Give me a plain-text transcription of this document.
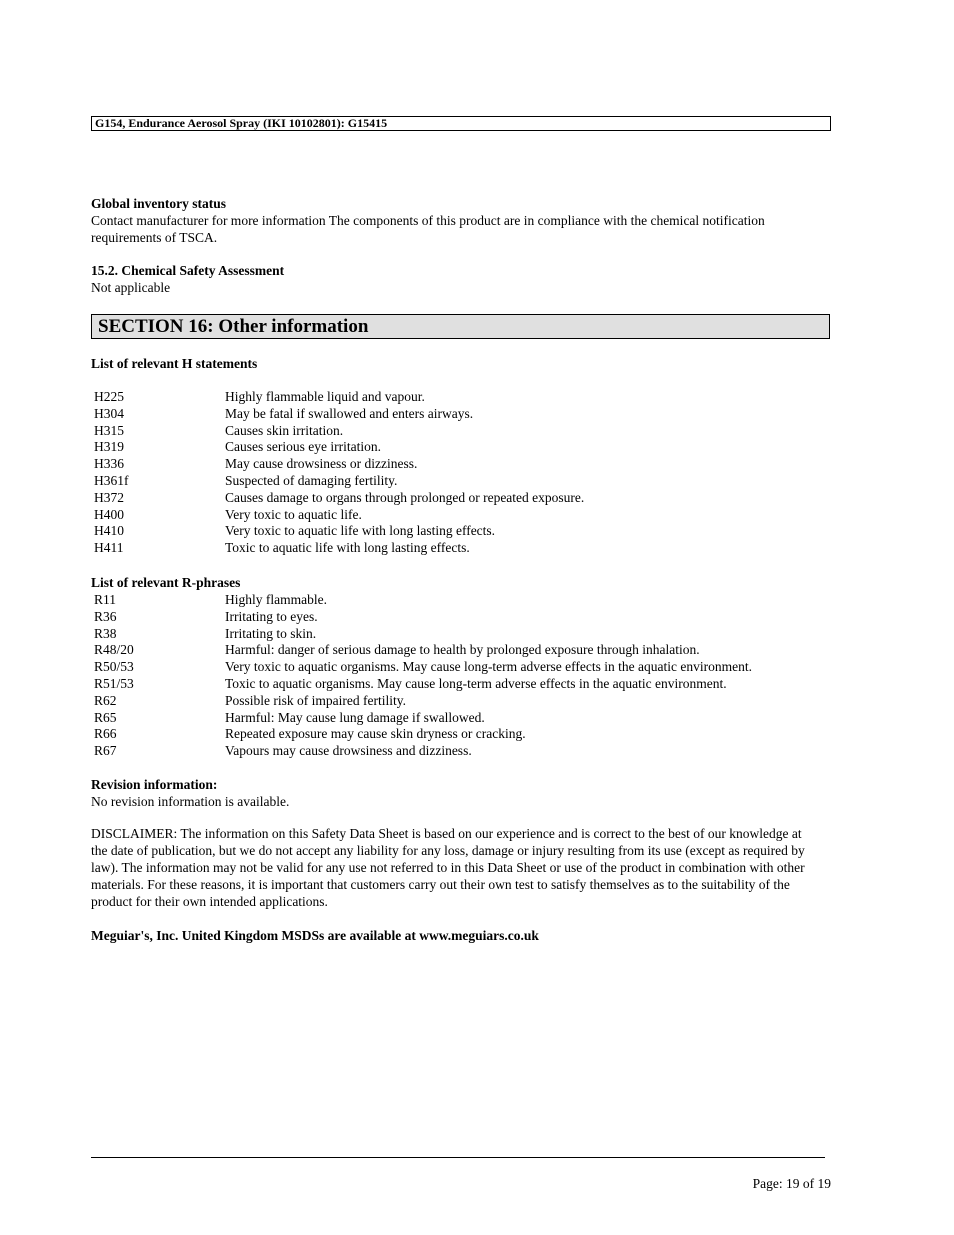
G154, Endurance Aerosol Spray (IKI 10102801): G15415
Global inventory status
Contact manufacturer for more information The components of this product are in compliance with the chemical notification requirements of TSCA.
15.2. Chemical Safety Assessment
Not applicable
SECTION 16: Other information
List of relevant H statements
H225	Highly flammable liquid and vapour.
H304	May be fatal if swallowed and enters airways.
H315	Causes skin irritation.
H319	Causes serious eye irritation.
H336	May cause drowsiness or dizziness.
H361f	Suspected of damaging fertility.
H372	Causes damage to organs through prolonged or repeated exposure.
H400	Very toxic to aquatic life.
H410	Very toxic to aquatic life with long lasting effects.
H411	Toxic to aquatic life with long lasting effects.
List of relevant R-phrases
R11	Highly flammable.
R36	Irritating to eyes.
R38	Irritating to skin.
R48/20	Harmful: danger of serious damage to health by prolonged exposure through inhalation.
R50/53	Very toxic to aquatic organisms. May cause long-term adverse effects in the aquatic environment.
R51/53	Toxic to aquatic organisms. May cause long-term adverse effects in the aquatic environment.
R62	Possible risk of impaired fertility.
R65	Harmful: May cause lung damage if swallowed.
R66	Repeated exposure may cause skin dryness or cracking.
R67	Vapours may cause drowsiness and dizziness.
Revision information:
No revision information is available.
DISCLAIMER: The information on this Safety Data Sheet is based on our experience and is correct to the best of our knowledge at the date of publication, but we do not accept any liability for any loss, damage or injury resulting from its use (except as required by law). The information may not be valid for any use not referred to in this Data Sheet or use of the product in combination with other materials. For these reasons, it is important that customers carry out their own test to satisfy themselves as to the suitability of the product for their own intended applications.
Meguiar's, Inc. United Kingdom MSDSs are available at www.meguiars.co.uk
Page: 19 of 19
